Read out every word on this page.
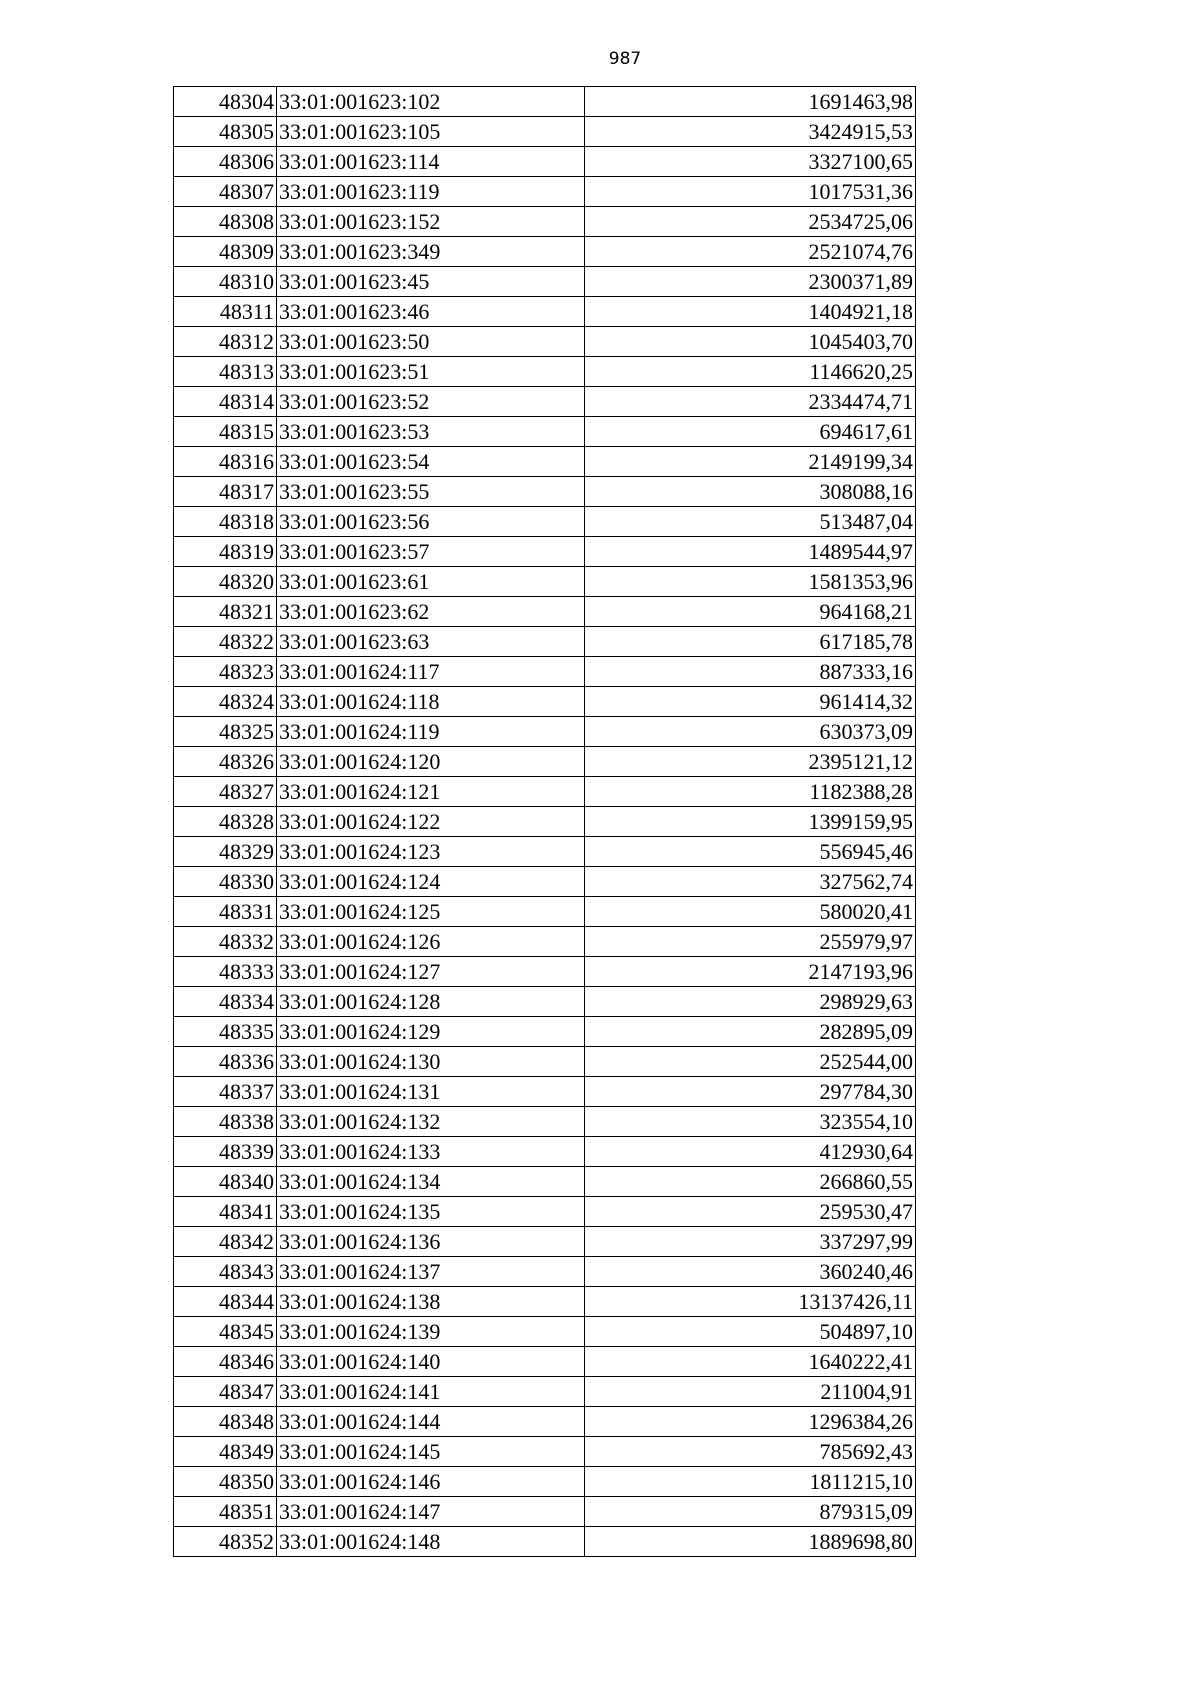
987
48304	33:01:001623:102	1691463,98
48305	33:01:001623:105	3424915,53
48306	33:01:001623:114	3327100,65
48307	33:01:001623:119	1017531,36
48308	33:01:001623:152	2534725,06
48309	33:01:001623:349	2521074,76
48310	33:01:001623:45	2300371,89
48311	33:01:001623:46	1404921,18
48312	33:01:001623:50	1045403,70
48313	33:01:001623:51	1146620,25
48314	33:01:001623:52	2334474,71
48315	33:01:001623:53	694617,61
48316	33:01:001623:54	2149199,34
48317	33:01:001623:55	308088,16
48318	33:01:001623:56	513487,04
48319	33:01:001623:57	1489544,97
48320	33:01:001623:61	1581353,96
48321	33:01:001623:62	964168,21
48322	33:01:001623:63	617185,78
48323	33:01:001624:117	887333,16
48324	33:01:001624:118	961414,32
48325	33:01:001624:119	630373,09
48326	33:01:001624:120	2395121,12
48327	33:01:001624:121	1182388,28
48328	33:01:001624:122	1399159,95
48329	33:01:001624:123	556945,46
48330	33:01:001624:124	327562,74
48331	33:01:001624:125	580020,41
48332	33:01:001624:126	255979,97
48333	33:01:001624:127	2147193,96
48334	33:01:001624:128	298929,63
48335	33:01:001624:129	282895,09
48336	33:01:001624:130	252544,00
48337	33:01:001624:131	297784,30
48338	33:01:001624:132	323554,10
48339	33:01:001624:133	412930,64
48340	33:01:001624:134	266860,55
48341	33:01:001624:135	259530,47
48342	33:01:001624:136	337297,99
48343	33:01:001624:137	360240,46
48344	33:01:001624:138	13137426,11
48345	33:01:001624:139	504897,10
48346	33:01:001624:140	1640222,41
48347	33:01:001624:141	211004,91
48348	33:01:001624:144	1296384,26
48349	33:01:001624:145	785692,43
48350	33:01:001624:146	1811215,10
48351	33:01:001624:147	879315,09
48352	33:01:001624:148	1889698,80
